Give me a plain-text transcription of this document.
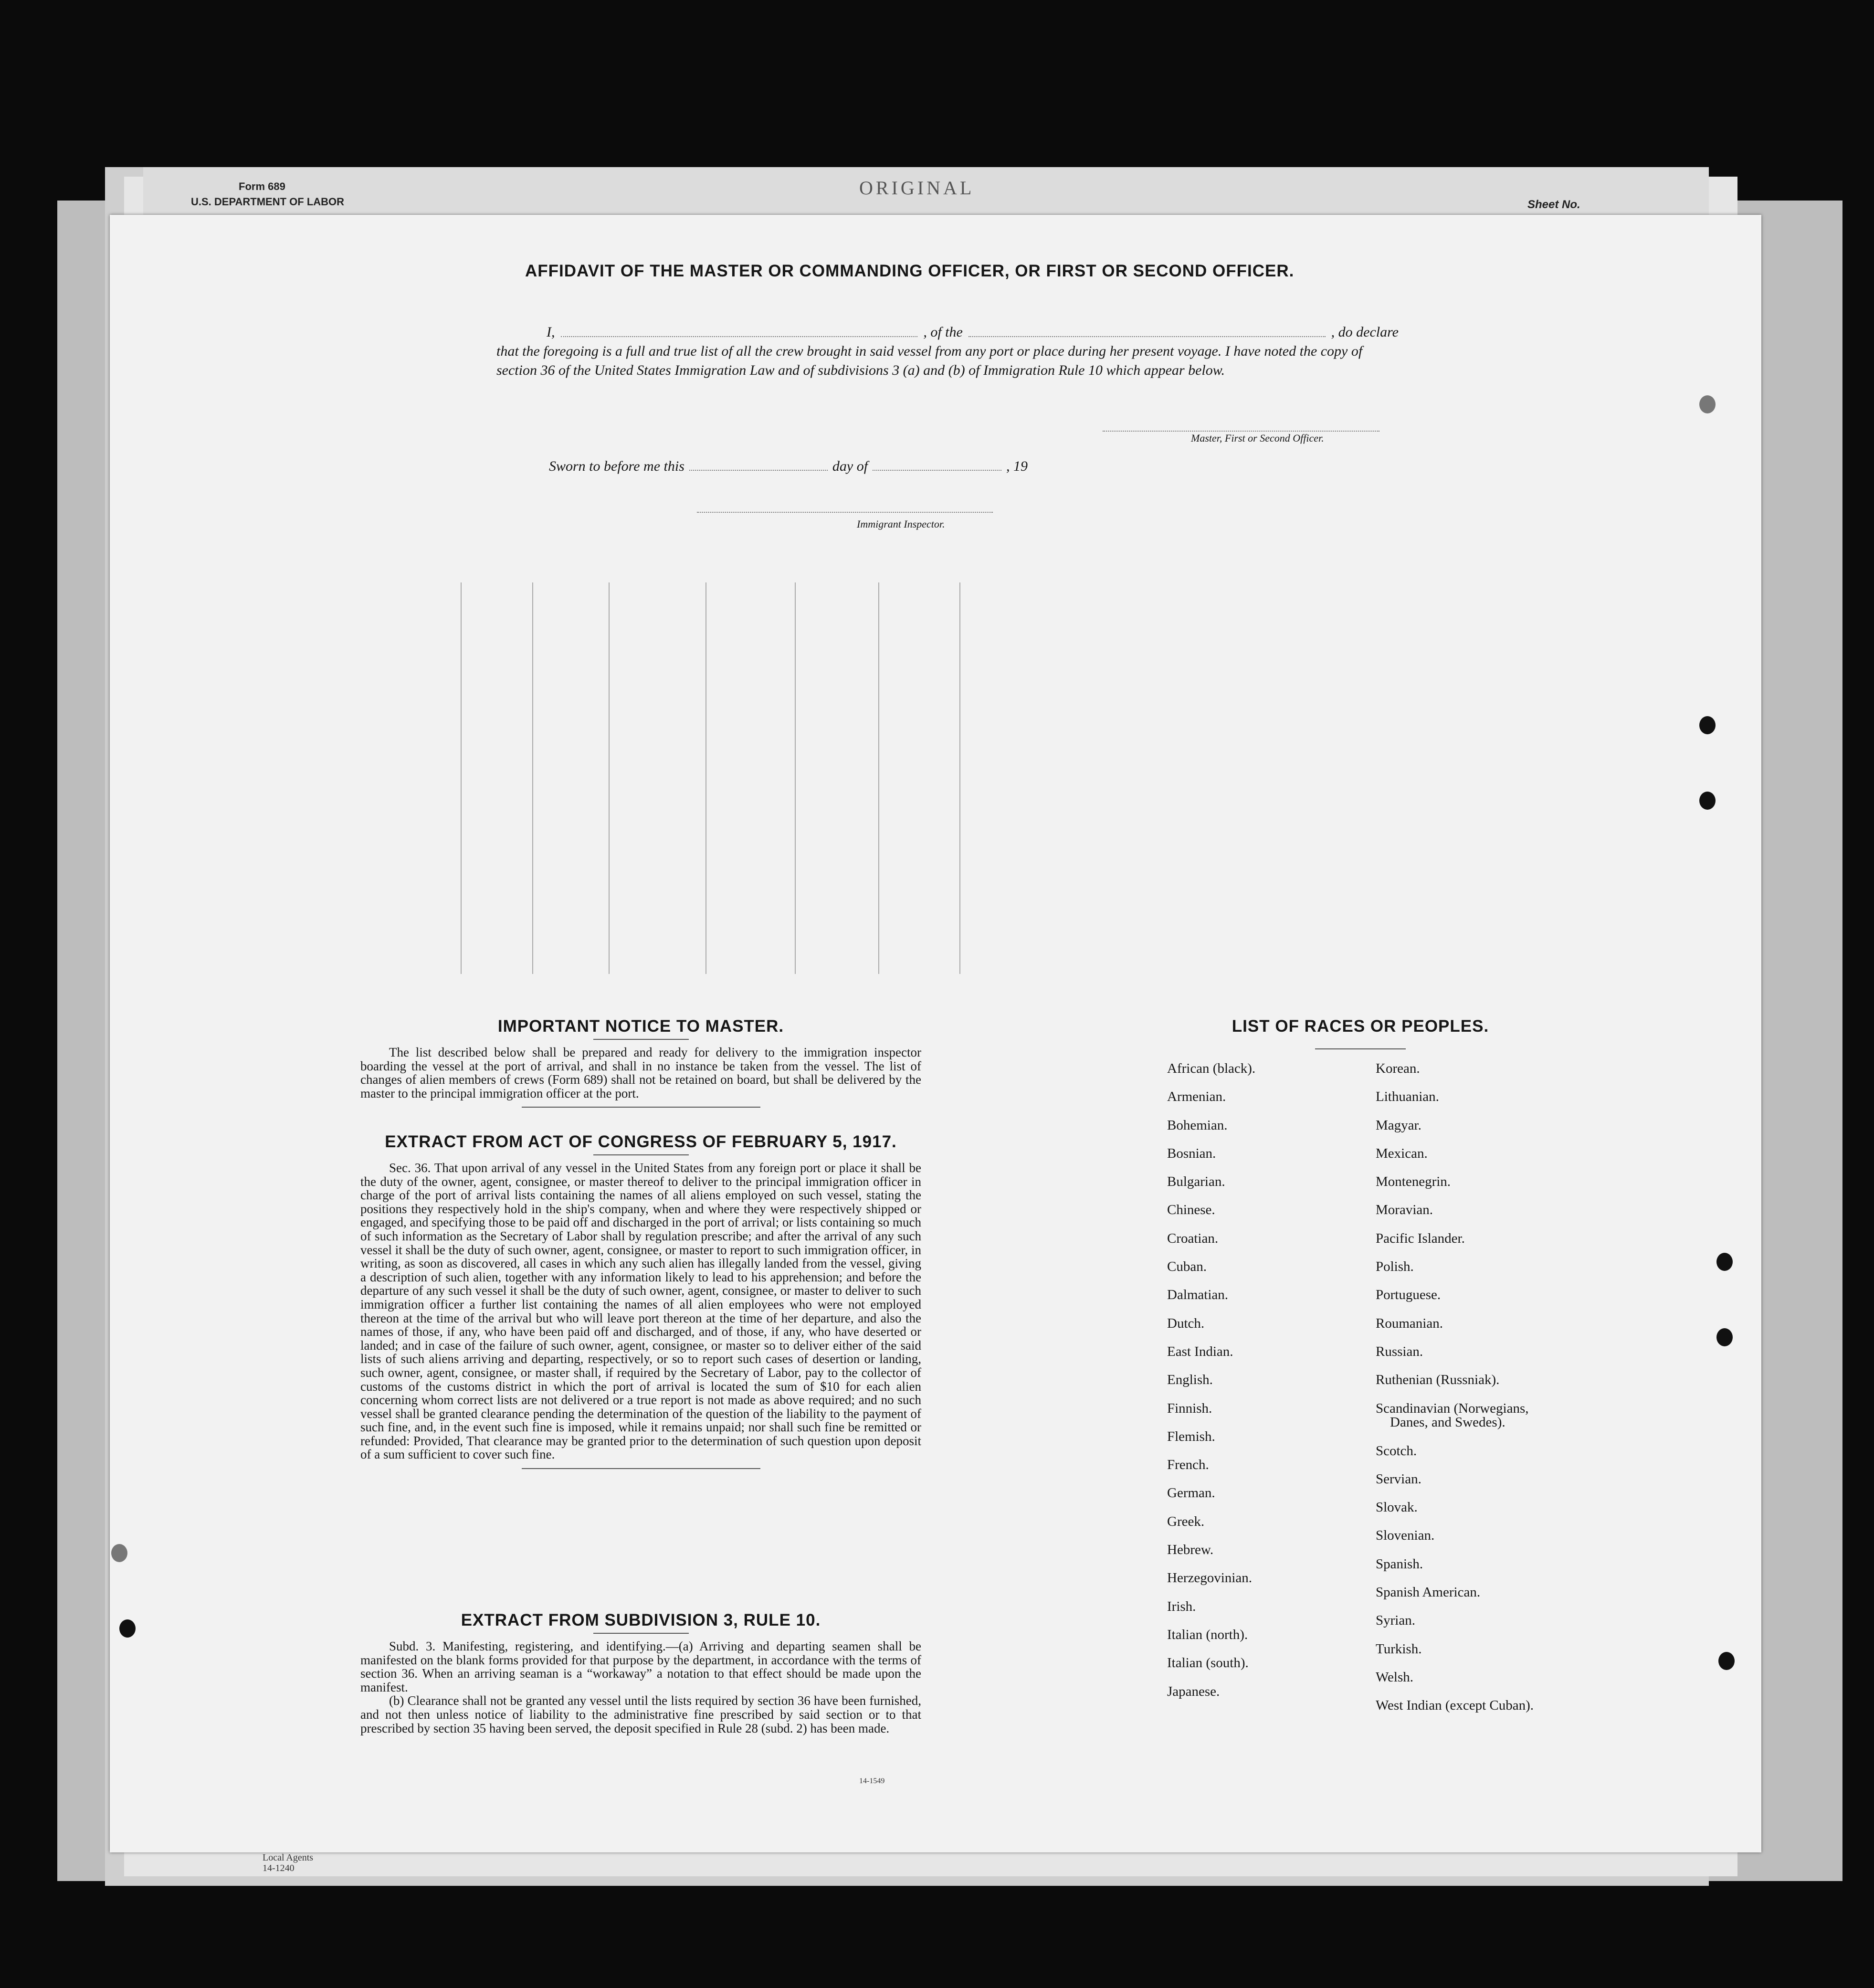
Form 689
U.S. DEPARTMENT OF LABOR
ORIGINAL
Sheet No.
AFFIDAVIT OF THE MASTER OR COMMANDING OFFICER, OR FIRST OR SECOND OFFICER.
I,	, of the	, do declare
that the foregoing is a full and true list of all the crew brought in said vessel from any port or place during her present voyage. I have noted the copy of section 36 of the United States Immigration Law and of subdivisions 3 (a) and (b) of Immigration Rule 10 which appear below.
Master, First or Second Officer.
Sworn to before me this	day of	, 19
Immigrant Inspector.
IMPORTANT NOTICE TO MASTER.

The list described below shall be prepared and ready for delivery to the immigration inspector boarding the vessel at the port of arrival, and shall in no instance be taken from the vessel. The list of changes of alien members of crews (Form 689) shall not be retained on board, but shall be delivered by the master to the principal immigration officer at the port.

EXTRACT FROM ACT OF CONGRESS OF FEBRUARY 5, 1917.

Sec. 36. That upon arrival of any vessel in the United States from any foreign port or place it shall be the duty of the owner, agent, consignee, or master thereof to deliver to the principal immigration officer in charge of the port of arrival lists containing the names of all aliens employed on such vessel, stating the positions they respectively hold in the ship's company, when and where they were respectively shipped or engaged, and specifying those to be paid off and discharged in the port of arrival; or lists containing so much of such information as the Secretary of Labor shall by regulation prescribe; and after the arrival of any such vessel it shall be the duty of such owner, agent, consignee, or master to report to such immigration officer, in writing, as soon as discovered, all cases in which any such alien has illegally landed from the vessel, giving a description of such alien, together with any information likely to lead to his apprehension; and before the departure of any such vessel it shall be the duty of such owner, agent, consignee, or master to deliver to such immigration officer a further list containing the names of all alien employees who were not employed thereon at the time of the arrival but who will leave port thereon at the time of her departure, and also the names of those, if any, who have been paid off and discharged, and of those, if any, who have deserted or landed; and in case of the failure of such owner, agent, consignee, or master so to deliver either of the said lists of such aliens arriving and departing, respectively, or so to report such cases of desertion or landing, such owner, agent, consignee, or master shall, if required by the Secretary of Labor, pay to the collector of customs of the customs district in which the port of arrival is located the sum of $10 for each alien concerning whom correct lists are not delivered or a true report is not made as above required; and no such vessel shall be granted clearance pending the determination of the question of the liability to the payment of such fine, and, in the event such fine is imposed, while it remains unpaid; nor shall such fine be remitted or refunded: Provided, That clearance may be granted prior to the determination of such question upon deposit of a sum sufficient to cover such fine.

EXTRACT FROM SUBDIVISION 3, RULE 10.

Subd. 3. Manifesting, registering, and identifying.—(a) Arriving and departing seamen shall be manifested on the blank forms provided for that purpose by the department, in accordance with the terms of section 36. When an arriving seaman is a “workaway” a notation to that effect should be made upon the manifest.

(b) Clearance shall not be granted any vessel until the lists required by section 36 have been furnished, and not then unless notice of liability to the administrative fine prescribed by said section or to that prescribed by section 35 having been served, the deposit specified in Rule 28 (subd. 2) has been made.

14-1549
LIST OF RACES OR PEOPLES.
African (black).
Armenian.
Bohemian.
Bosnian.
Bulgarian.
Chinese.
Croatian.
Cuban.
Dalmatian.
Dutch.
East Indian.
English.
Finnish.
Flemish.
French.
German.
Greek.
Hebrew.
Herzegovinian.
Irish.
Italian (north).
Italian (south).
Japanese.
Korean.
Lithuanian.
Magyar.
Mexican.
Montenegrin.
Moravian.
Pacific Islander.
Polish.
Portuguese.
Roumanian.
Russian.
Ruthenian (Russniak).
Scandinavian (Norwegians,
Danes, and Swedes).
Scotch.
Servian.
Slovak.
Slovenian.
Spanish.
Spanish American.
Syrian.
Turkish.
Welsh.
West Indian (except Cuban).
Local Agents
14-1240
